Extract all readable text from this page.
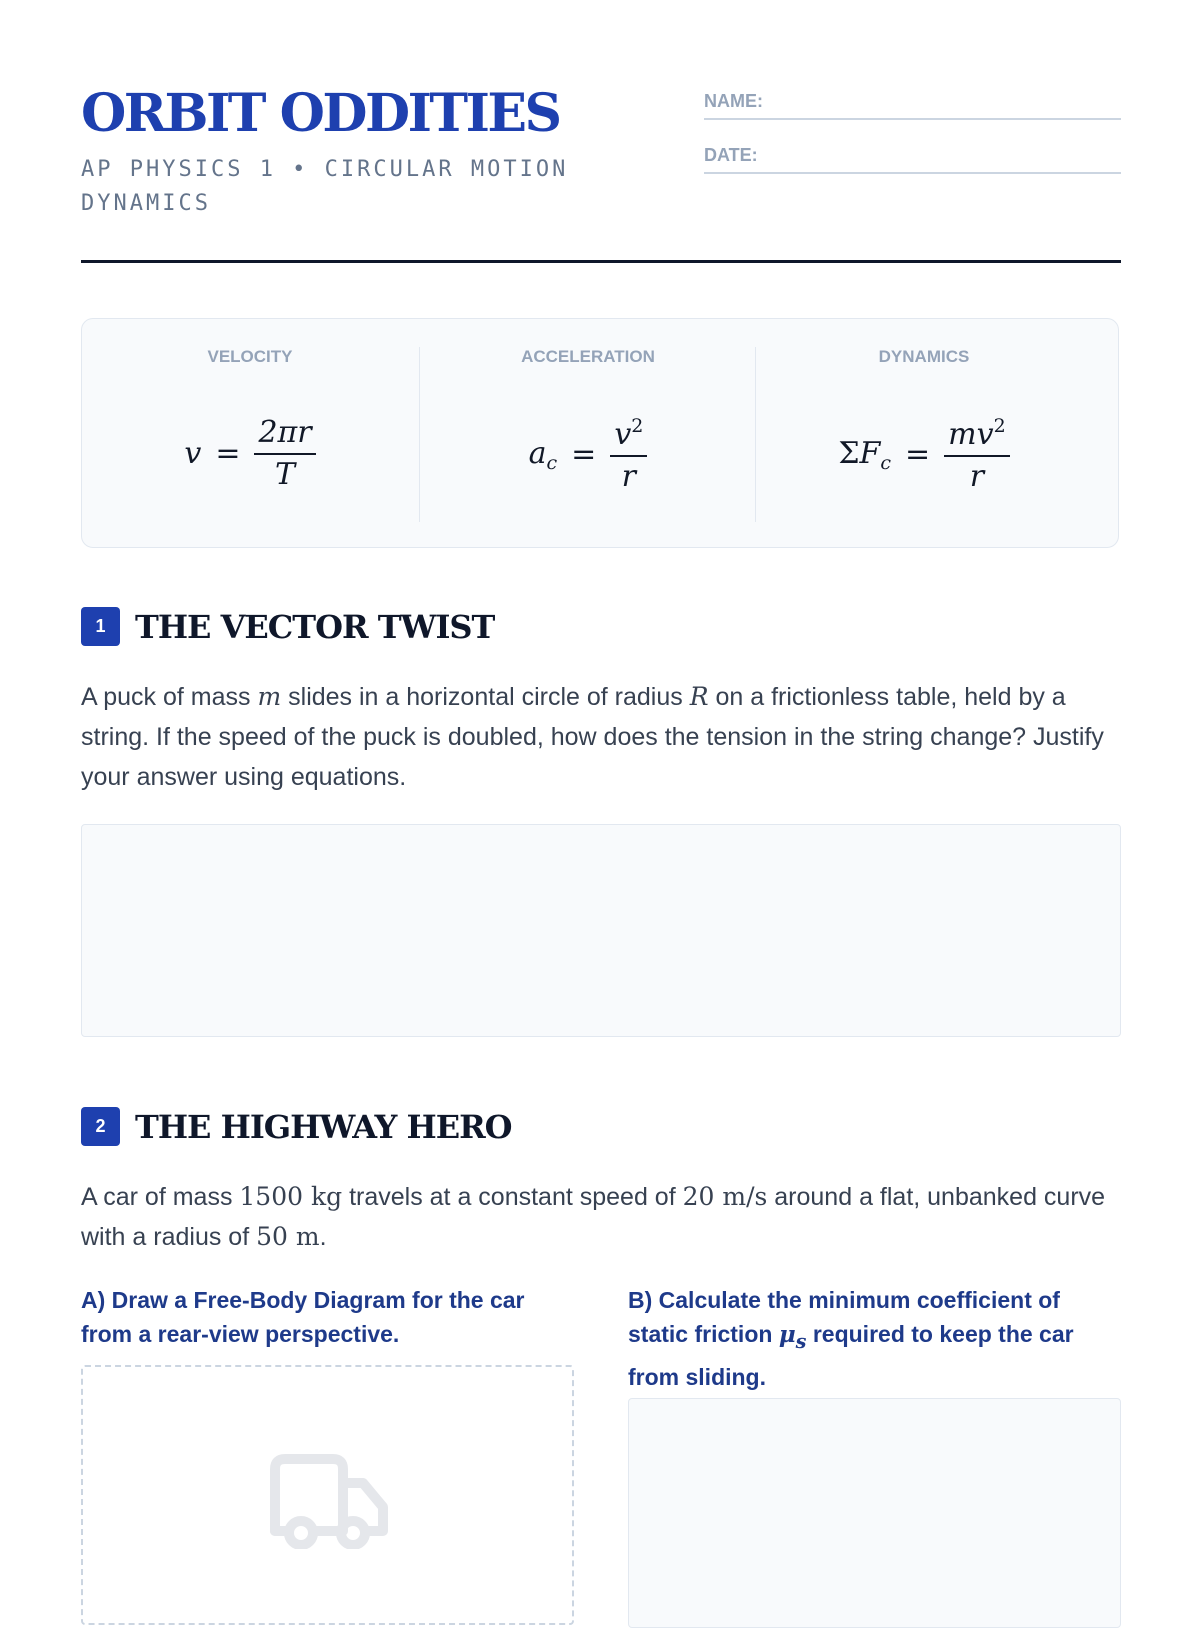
ORBIT ODDITIES
AP PHYSICS 1 • CIRCULAR MOTION DYNAMICS
NAME:
DATE:
VELOCITY
$v = \frac{2\pi r}{T}$
ACCELERATION
$a_c = \frac{v^2}{r}$
DYNAMICS
$\Sigma F_c = \frac{mv^2}{r}$
1 THE VECTOR TWIST

A puck of mass m slides in a horizontal circle of radius R on a frictionless table, held by a string. If the speed of the puck is doubled, how does the tension in the string change? Justify your answer using equations.

2 THE HIGHWAY HERO

A car of mass 1500 kg travels at a constant speed of 20 m/s around a flat, unbanked curve with a radius of 50 m.

A) Draw a Free-Body Diagram for the car from a rear-view perspective.
B) Calculate the minimum coefficient of static friction $\mu_s$ required to keep the car from sliding.
